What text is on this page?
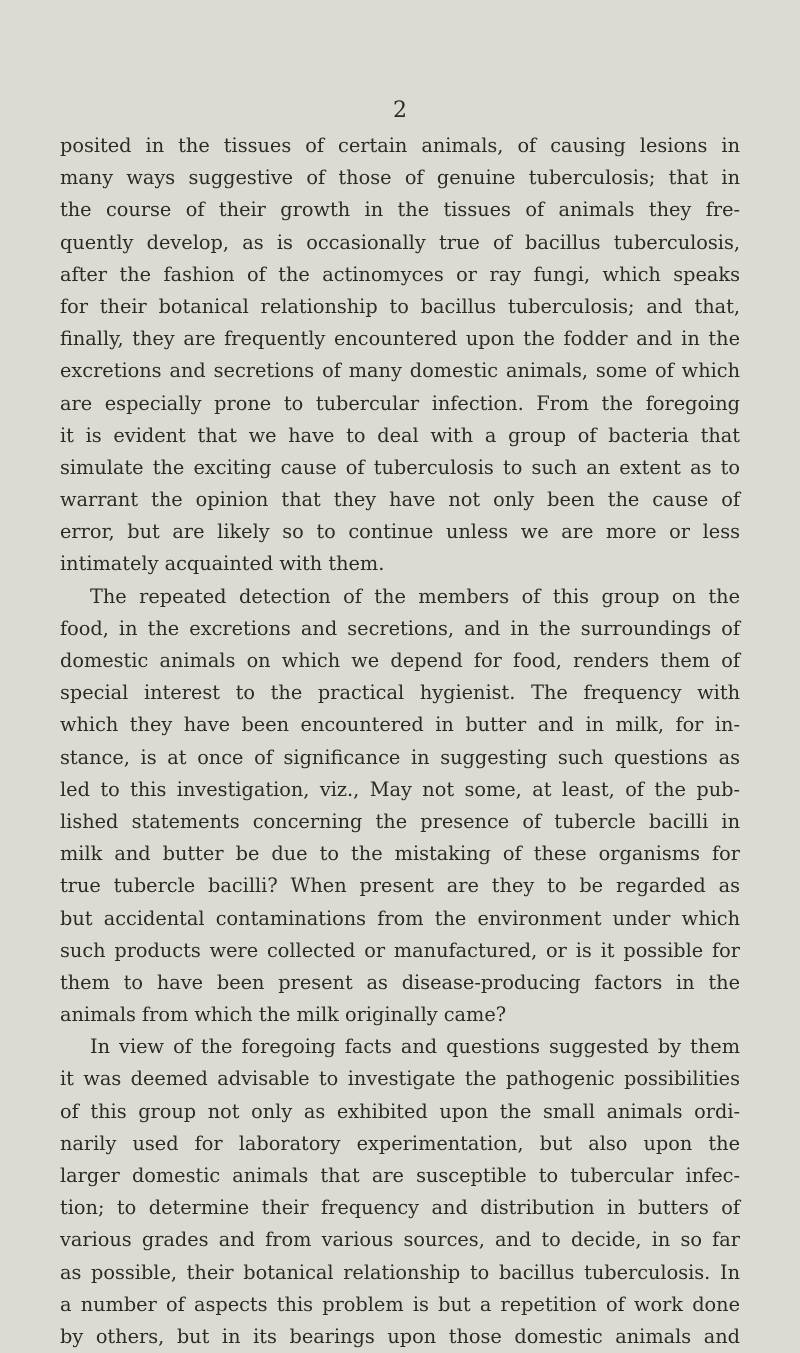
2
posited in the tissues of certain animals, of causing lesions in
many ways suggestive of those of genuine tuberculosis; that in
the course of their growth in the tissues of animals they fre-
quently develop, as is occasionally true of bacillus tuberculosis,
after the fashion of the actinomyces or ray fungi, which speaks
for their botanical relationship to bacillus tuberculosis; and that,
finally, they are frequently encountered upon the fodder and in the
excretions and secretions of many domestic animals, some of which
are especially prone to tubercular infection. From the foregoing
it is evident that we have to deal with a group of bacteria that
simulate the exciting cause of tuberculosis to such an extent as to
warrant the opinion that they have not only been the cause of
error, but are likely so to continue unless we are more or less
intimately acquainted with them.
The repeated detection of the members of this group on the
food, in the excretions and secretions, and in the surroundings of
domestic animals on which we depend for food, renders them of
special interest to the practical hygienist. The frequency with
which they have been encountered in butter and in milk, for in-
stance, is at once of significance in suggesting such questions as
led to this investigation, viz., May not some, at least, of the pub-
lished statements concerning the presence of tubercle bacilli in
milk and butter be due to the mistaking of these organisms for
true tubercle bacilli? When present are they to be regarded as
but accidental contaminations from the environment under which
such products were collected or manufactured, or is it possible for
them to have been present as disease-producing factors in the
animals from which the milk originally came?
In view of the foregoing facts and questions suggested by them
it was deemed advisable to investigate the pathogenic possibilities
of this group not only as exhibited upon the small animals ordi-
narily used for laboratory experimentation, but also upon the
larger domestic animals that are susceptible to tubercular infec-
tion; to determine their frequency and distribution in butters of
various grades and from various sources, and to decide, in so far
as possible, their botanical relationship to bacillus tuberculosis. In
a number of aspects this problem is but a repetition of work done
by others, but in its bearings upon those domestic animals and
